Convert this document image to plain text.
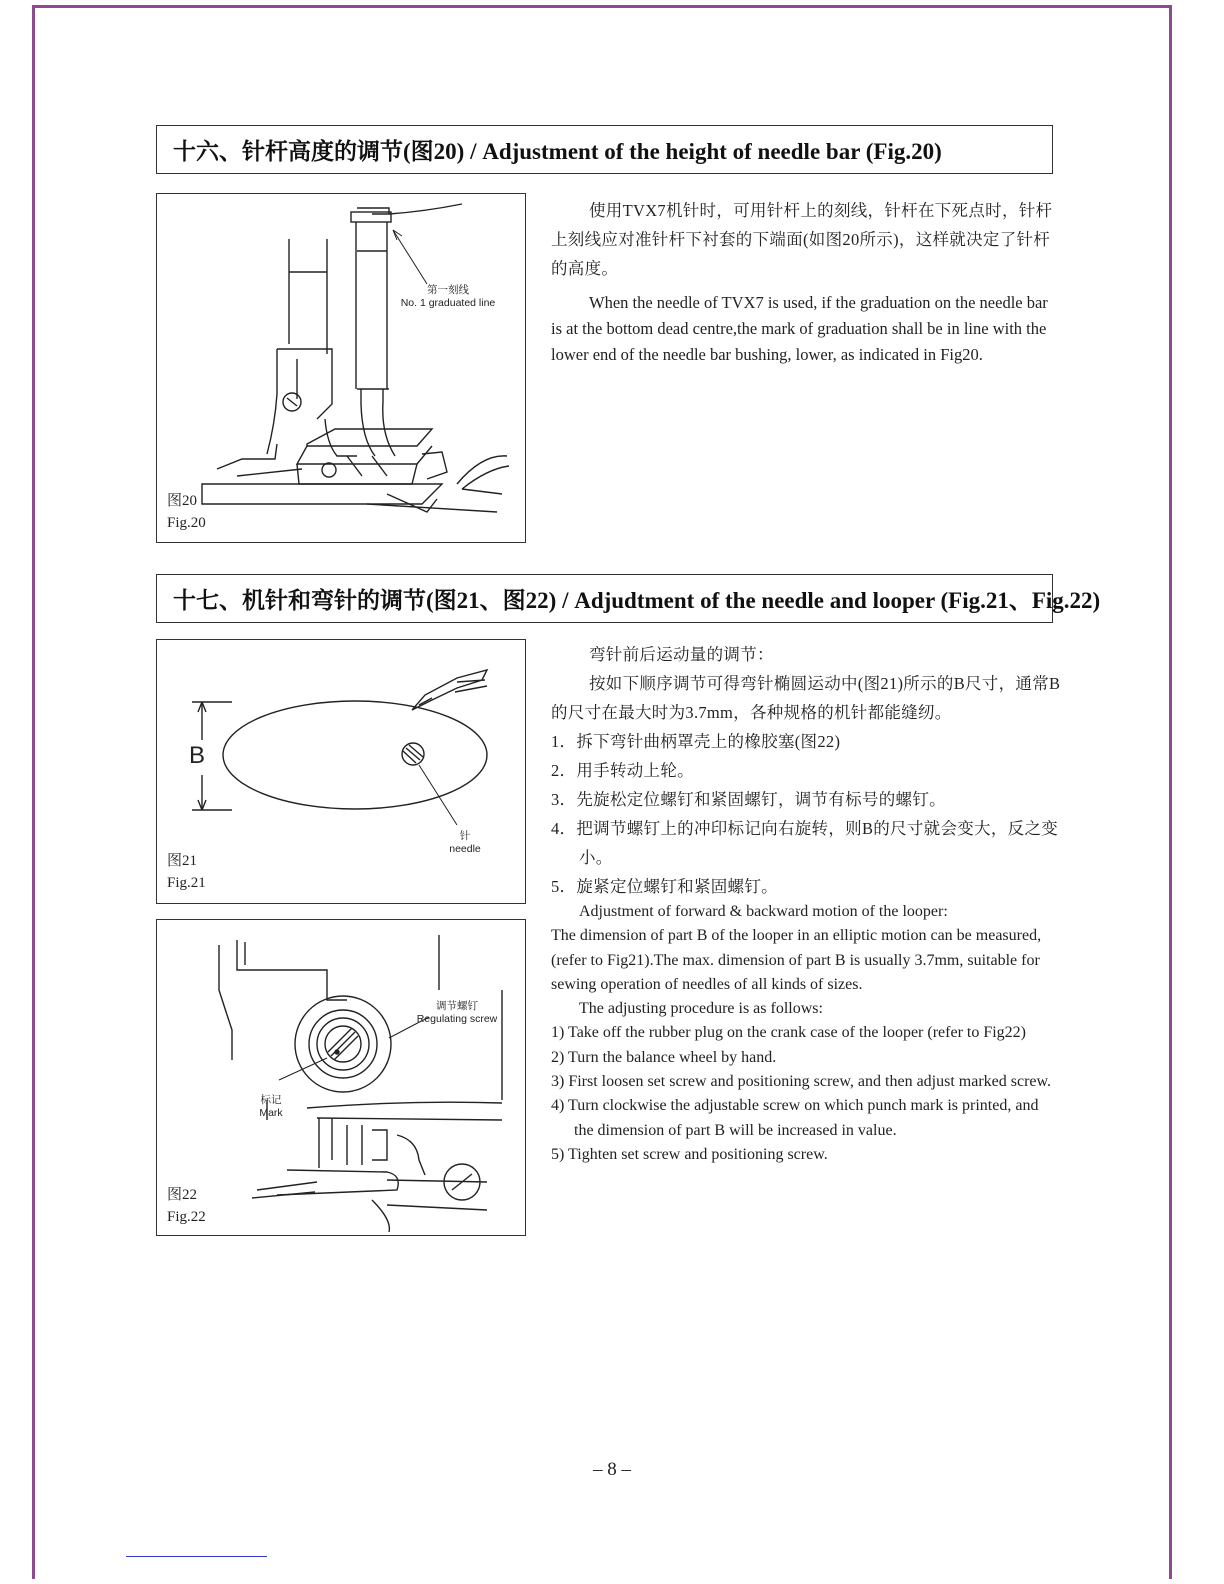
十六、针杆高度的调节(图20) / Adjustment of the height of needle bar (Fig.20)
第一刻线
No. 1 graduated line
图20
Fig.20
使用TVX7机针时，可用针杆上的刻线，针杆在下死点时，针杆上刻线应对准针杆下衬套的下端面(如图20所示)，这样就决定了针杆的高度。
When the needle of TVX7 is used, if the graduation on the needle bar is at the bottom dead centre,the mark of graduation shall be in line with the lower end of the needle bar bushing, lower, as indicated in Fig20.
十七、机针和弯针的调节(图21、图22) / Adjudtment of the needle and looper (Fig.21、Fig.22)
B
针
needle
图21
Fig.21
调节螺钉
Regulating screw
标记
Mark
图22
Fig.22
弯针前后运动量的调节：
按如下顺序调节可得弯针椭圆运动中(图21)所示的B尺寸，通常B的尺寸在最大时为3.7mm，各种规格的机针都能缝纫。
1．拆下弯针曲柄罩壳上的橡胶塞(图22)
2．用手转动上轮。
3．先旋松定位螺钉和紧固螺钉，调节有标号的螺钉。
4．把调节螺钉上的冲印标记向右旋转，则B的尺寸就会变大，反之变小。
5．旋紧定位螺钉和紧固螺钉。
Adjustment of forward & backward motion of the looper:
The dimension of part B of the looper in an elliptic motion can be measured,(refer to Fig21).The max. dimension of part B is usually 3.7mm, suitable for sewing operation of needles of all kinds of sizes.
The adjusting procedure is as follows:
1) Take off the rubber plug on the crank case of the looper (refer to Fig22)
2) Turn the balance wheel by hand.
3) First loosen set screw and positioning screw, and then adjust marked screw.
4) Turn clockwise the adjustable screw on which punch mark is printed, and the dimension of part B will be increased in value.
5) Tighten set screw and positioning screw.
– 8 –
